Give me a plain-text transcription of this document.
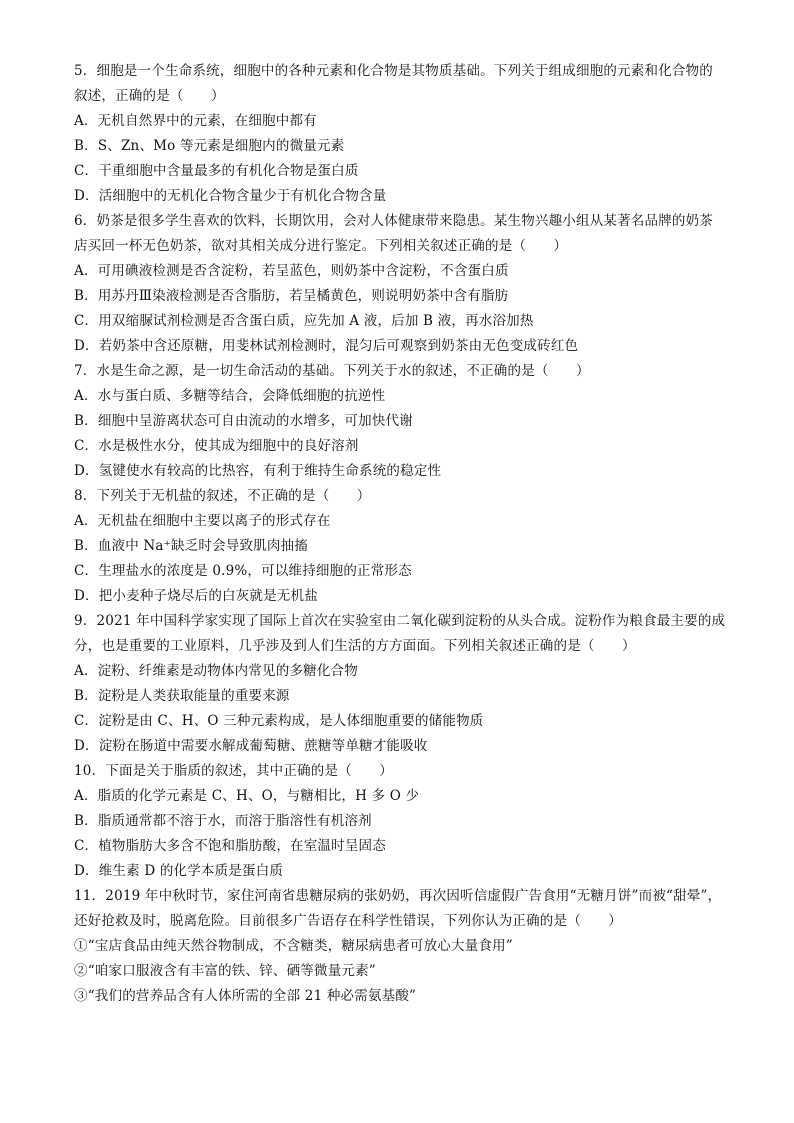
5．细胞是一个生命系统，细胞中的各种元素和化合物是其物质基础。下列关于组成细胞的元素和化合物的
叙述，正确的是（　　）
A．无机自然界中的元素，在细胞中都有
B．S、Zn、Mo 等元素是细胞内的微量元素
C．干重细胞中含量最多的有机化合物是蛋白质
D．活细胞中的无机化合物含量少于有机化合物含量
6．奶茶是很多学生喜欢的饮料，长期饮用，会对人体健康带来隐患。某生物兴趣小组从某著名品牌的奶茶
店买回一杯无色奶茶，欲对其相关成分进行鉴定。下列相关叙述正确的是（　　）
A．可用碘液检测是否含淀粉，若呈蓝色，则奶茶中含淀粉，不含蛋白质
B．用苏丹Ⅲ染液检测是否含脂肪，若呈橘黄色，则说明奶茶中含有脂肪
C．用双缩脲试剂检测是否含蛋白质，应先加 A 液，后加 B 液，再水浴加热
D．若奶茶中含还原糖，用斐林试剂检测时，混匀后可观察到奶茶由无色变成砖红色
7．水是生命之源，是一切生命活动的基础。下列关于水的叙述，不正确的是（　　）
A．水与蛋白质、多糖等结合，会降低细胞的抗逆性
B．细胞中呈游离状态可自由流动的水增多，可加快代谢
C．水是极性水分，使其成为细胞中的良好溶剂
D．氢键使水有较高的比热容，有利于维持生命系统的稳定性
8．下列关于无机盐的叙述，不正确的是（　　）
A．无机盐在细胞中主要以离子的形式存在
B．血液中 Na⁺缺乏时会导致肌肉抽搐
C．生理盐水的浓度是 0.9%，可以维持细胞的正常形态
D．把小麦种子烧尽后的白灰就是无机盐
9．2021 年中国科学家实现了国际上首次在实验室由二氧化碳到淀粉的从头合成。淀粉作为粮食最主要的成
分，也是重要的工业原料，几乎涉及到人们生活的方方面面。下列相关叙述正确的是（　　）
A．淀粉、纤维素是动物体内常见的多糖化合物
B．淀粉是人类获取能量的重要来源
C．淀粉是由 C、H、O 三种元素构成，是人体细胞重要的储能物质
D．淀粉在肠道中需要水解成葡萄糖、蔗糖等单糖才能吸收
10．下面是关于脂质的叙述，其中正确的是（　　）
A．脂质的化学元素是 C、H、O，与糖相比，H 多 O 少
B．脂质通常都不溶于水，而溶于脂溶性有机溶剂
C．植物脂肪大多含不饱和脂肪酸，在室温时呈固态
D．维生素 D 的化学本质是蛋白质
11．2019 年中秋时节，家住河南省患糖尿病的张奶奶，再次因听信虚假广告食用“无糖月饼”而被“甜晕”，
还好抢救及时，脱离危险。目前很多广告语存在科学性错误，下列你认为正确的是（　　）
①“宝店食品由纯天然谷物制成，不含糖类，糖尿病患者可放心大量食用”
②“咱家口服液含有丰富的铁、锌、硒等微量元素”
③“我们的营养品含有人体所需的全部 21 种必需氨基酸”
